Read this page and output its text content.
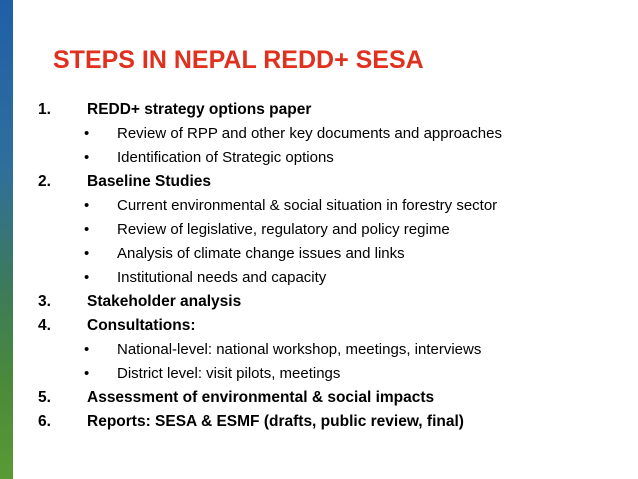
STEPS IN NEPAL REDD+ SESA
1.	REDD+ strategy options paper
•	Review of RPP and other key documents and approaches
•	Identification of Strategic options
2.	Baseline Studies
•	Current environmental & social situation in forestry sector
•	Review of legislative, regulatory and policy regime
•	Analysis of climate change issues and links
•	Institutional needs and capacity
3.	Stakeholder analysis
4.	Consultations:
•	National-level: national workshop, meetings, interviews
•	District level: visit pilots, meetings
5.	Assessment of environmental & social impacts
6.	Reports: SESA & ESMF (drafts, public review, final)
